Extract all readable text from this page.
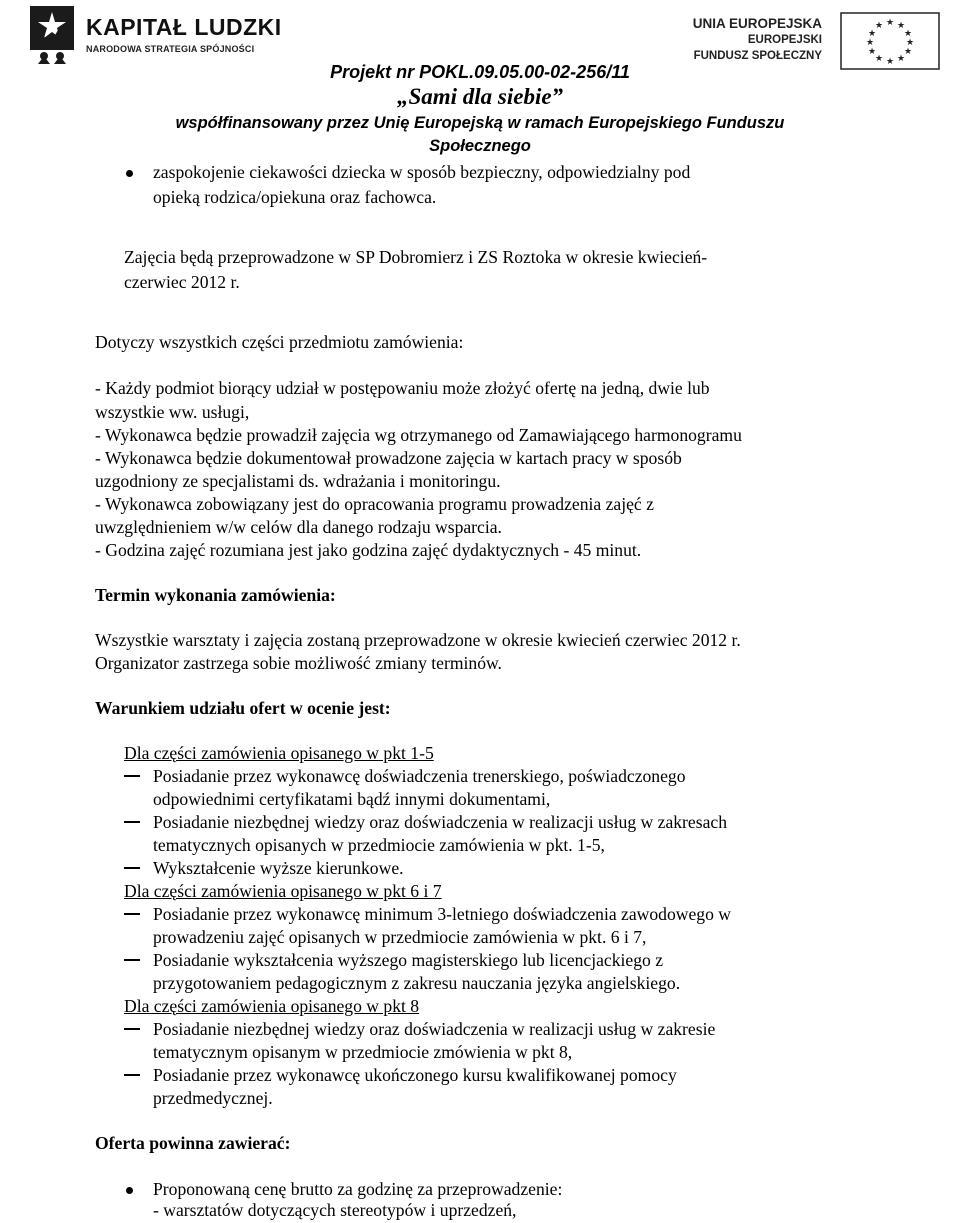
KAPITAŁ LUDZKI
NARODOWA STRATEGIA SPÓJNOŚCI
UNIA EUROPEJSKA
EUROPEJSKI
FUNDUSZ SPOŁECZNY
★ ★
★
★
★
★
★
★
★
★
★
★
Projekt nr POKL.09.05.00-02-256/11
„Sami dla siebie”
współfinansowany przez Unię Europejską w ramach Europejskiego Funduszu
Społecznego
zaspokojenie ciekawości dziecka w sposób bezpieczny, odpowiedzialny pod
opieką rodzica/opiekuna oraz fachowca.
Zajęcia będą przeprowadzone w SP Dobromierz i ZS Roztoka w okresie kwiecień-
czerwiec 2012 r.
Dotyczy wszystkich części przedmiotu zamówienia:
- Każdy podmiot biorący udział w postępowaniu może złożyć ofertę na jedną, dwie lub
wszystkie ww. usługi,
- Wykonawca będzie prowadził zajęcia wg otrzymanego od Zamawiającego harmonogramu
- Wykonawca będzie dokumentował prowadzone zajęcia w kartach pracy w sposób
uzgodniony ze specjalistami ds. wdrażania i monitoringu.
- Wykonawca zobowiązany jest do opracowania programu prowadzenia zajęć z
uwzględnieniem w/w celów dla danego rodzaju wsparcia.
- Godzina zajęć rozumiana jest jako godzina zajęć dydaktycznych - 45 minut.
Termin wykonania zamówienia:
Wszystkie warsztaty i zajęcia zostaną przeprowadzone w okresie kwiecień czerwiec 2012 r.
Organizator zastrzega sobie możliwość zmiany terminów.
Warunkiem udziału ofert w ocenie jest:
Dla części zamówienia opisanego w pkt 1-5
Posiadanie przez wykonawcę doświadczenia trenerskiego, poświadczonego
odpowiednimi certyfikatami bądź innymi dokumentami,
Posiadanie niezbędnej wiedzy oraz doświadczenia w realizacji usług w zakresach
tematycznych opisanych w przedmiocie zamówienia w pkt. 1-5,
Wykształcenie wyższe kierunkowe.
Dla części zamówienia opisanego w pkt 6 i 7
Posiadanie przez wykonawcę minimum 3-letniego doświadczenia zawodowego w
prowadzeniu zajęć opisanych w przedmiocie zamówienia w pkt. 6 i 7,
Posiadanie wykształcenia wyższego magisterskiego lub licencjackiego z
przygotowaniem pedagogicznym z zakresu nauczania języka angielskiego.
Dla części zamówienia opisanego w pkt 8
Posiadanie niezbędnej wiedzy oraz doświadczenia w realizacji usług w zakresie
tematycznym opisanym w przedmiocie zmówienia w pkt 8,
Posiadanie przez wykonawcę ukończonego kursu kwalifikowanej pomocy
przedmedycznej.
Oferta powinna zawierać:
Proponowaną cenę brutto za godzinę za przeprowadzenie:
- warsztatów dotyczących stereotypów i uprzedzeń,
